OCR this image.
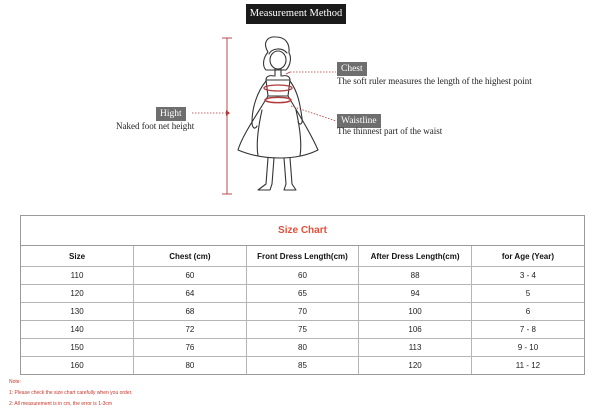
Measurement Method
Hight
Naked foot net height
Chest
The soft ruler measures the length of the highest point
Waistline
The thinnest part of the waist
Size Chart
Size	Chest (cm)	Front Dress Length(cm)	After Dress Length(cm)	for Age (Year)
110	60	60	88	3 - 4
120	64	65	94	5
130	68	70	100	6
140	72	75	106	7 - 8
150	76	80	113	9 - 10
160	80	85	120	11 - 12
Note:
1: Please check the size chart carefully when you order.
2: All measurement is in cm, the error is 1-3cm
